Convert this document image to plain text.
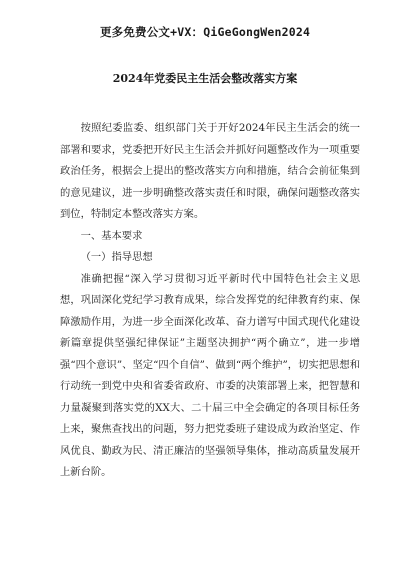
更多免费公文+VX：QiGeGongWen2024
2024年党委民主生活会整改落实方案

按照纪委监委、组织部门关于开好2024年民主生活会的统一部署和要求，党委把开好民主生活会并抓好问题整改作为一项重要政治任务，根据会上提出的整改落实方向和措施，结合会前征集到的意见建议，进一步明确整改落实责任和时限，确保问题整改落实到位，特制定本整改落实方案。

一、基本要求

（一）指导思想

准确把握“深入学习贯彻习近平新时代中国特色社会主义思想，巩固深化党纪学习教育成果，综合发挥党的纪律教育约束、保障激励作用，为进一步全面深化改革、奋力谱写中国式现代化建设新篇章提供坚强纪律保证”主题坚决拥护“两个确立”，进一步增强“四个意识”、坚定“四个自信”、做到“两个维护”，切实把思想和行动统一到党中央和省委省政府、市委的决策部署上来，把智慧和力量凝聚到落实党的XX大、二十届三中全会确定的各项目标任务上来，聚焦查找出的问题，努力把党委班子建设成为政治坚定、作风优良、勤政为民、清正廉洁的坚强领导集体，推动高质量发展开上新台阶。
